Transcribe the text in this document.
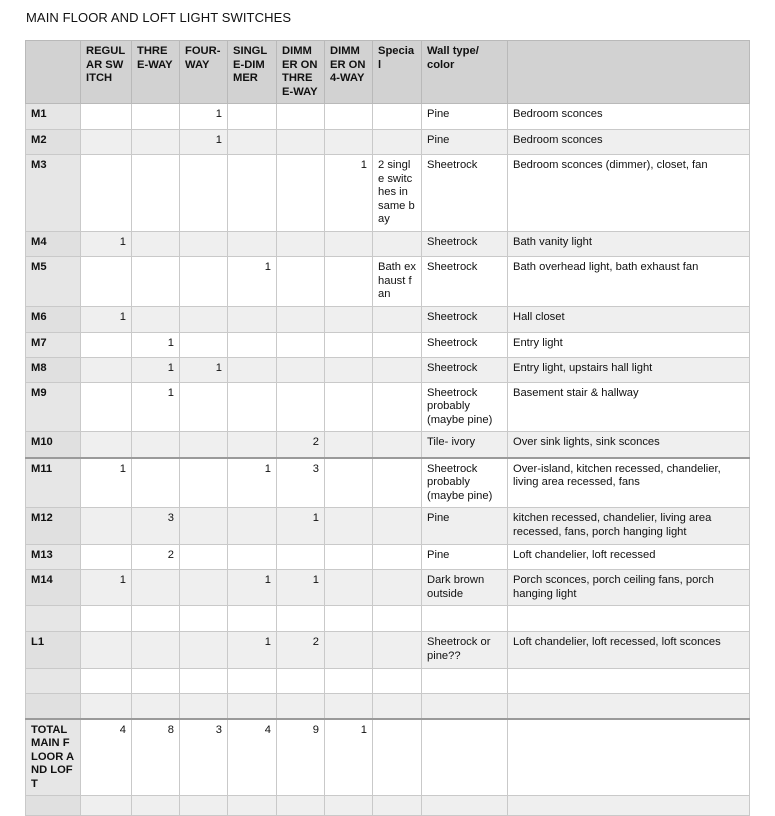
MAIN FLOOR AND LOFT LIGHT SWITCHES
	REGULAR SWITCH	THREE-WAY	FOUR-WAY	SINGLE-DIMMER	DIMMER ON THREE-WAY	DIMMER ON 4-WAY	Special	Wall type/ color	
M1			1					Pine	Bedroom sconces
M2			1					Pine	Bedroom sconces
M3						1	2 single switches in same bay	Sheetrock	Bedroom sconces (dimmer), closet, fan
M4	1							Sheetrock	Bath vanity light
M5				1			Bath exhaust fan	Sheetrock	Bath overhead light, bath exhaust fan
M6	1							Sheetrock	Hall closet
M7		1						Sheetrock	Entry light
M8		1	1					Sheetrock	Entry light, upstairs hall light
M9		1						Sheetrock probably (maybe pine)	Basement stair & hallway
M10					2			Tile- ivory	Over sink lights, sink sconces
M11	1			1	3			Sheetrock probably (maybe pine)	Over-island, kitchen recessed, chandelier, living area recessed, fans
M12		3			1			Pine	kitchen recessed, chandelier, living area recessed, fans, porch hanging light
M13		2						Pine	Loft chandelier, loft recessed
M14	1			1	1			Dark brown outside	Porch sconces, porch ceiling fans, porch hanging light

L1				1	2			Sheetrock or pine??	Loft chandelier, loft recessed, loft sconces

TOTAL MAIN FLOOR AND LOFT	4	8	3	4	9	1			
